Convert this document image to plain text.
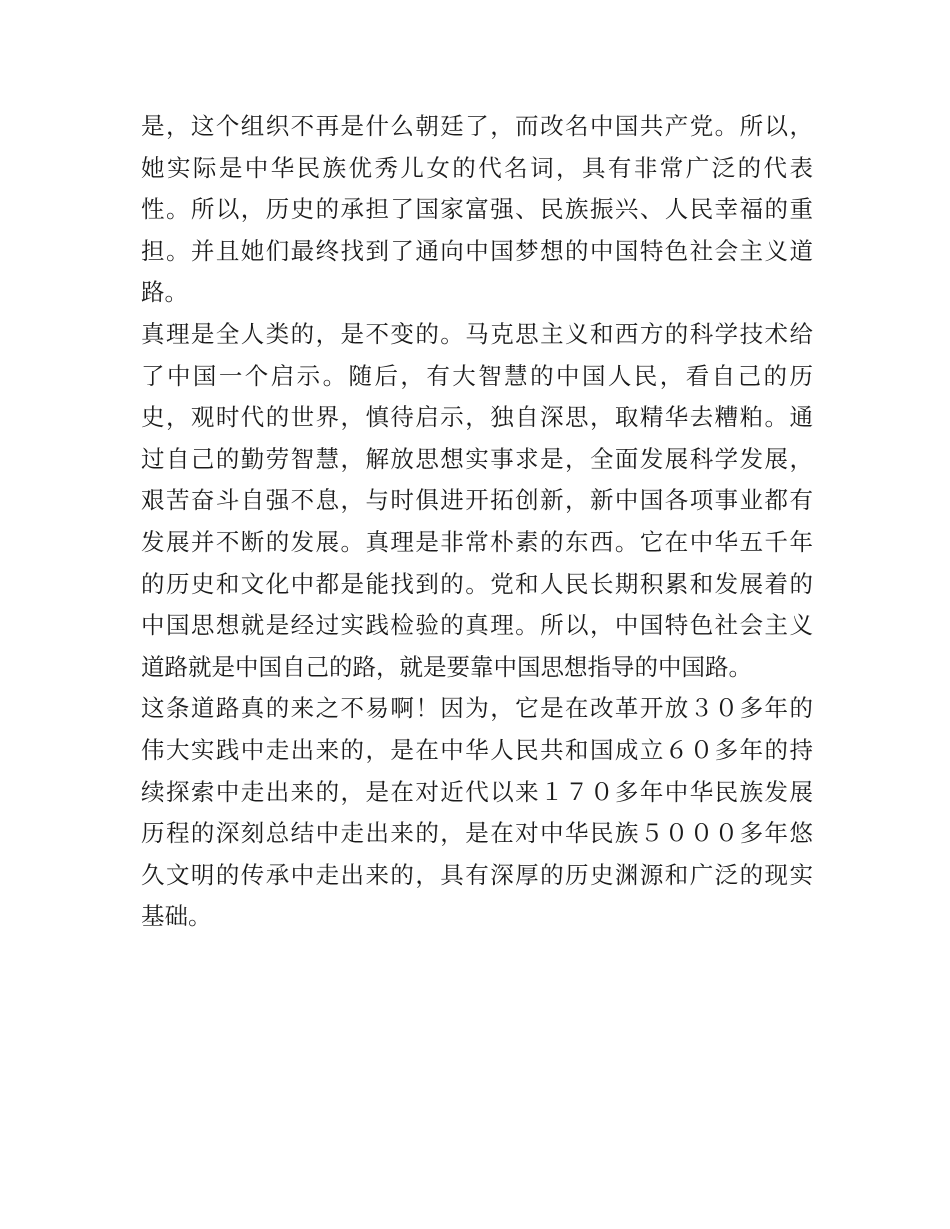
是，这个组织不再是什么朝廷了，而改名中国共产党。所以，
她实际是中华民族优秀儿女的代名词，具有非常广泛的代表
性。所以，历史的承担了国家富强、民族振兴、人民幸福的重
担。并且她们最终找到了通向中国梦想的中国特色社会主义道
路。
真理是全人类的，是不变的。马克思主义和西方的科学技术给
了中国一个启示。随后，有大智慧的中国人民，看自己的历
史，观时代的世界，慎待启示，独自深思，取精华去糟粕。通
过自己的勤劳智慧，解放思想实事求是，全面发展科学发展，
艰苦奋斗自强不息，与时俱进开拓创新，新中国各项事业都有
发展并不断的发展。真理是非常朴素的东西。它在中华五千年
的历史和文化中都是能找到的。党和人民长期积累和发展着的
中国思想就是经过实践检验的真理。所以，中国特色社会主义
道路就是中国自己的路，就是要靠中国思想指导的中国路。
这条道路真的来之不易啊！因为，它是在改革开放３０多年的
伟大实践中走出来的，是在中华人民共和国成立６０多年的持
续探索中走出来的，是在对近代以来１７０多年中华民族发展
历程的深刻总结中走出来的，是在对中华民族５０００多年悠
久文明的传承中走出来的，具有深厚的历史渊源和广泛的现实
基础。
